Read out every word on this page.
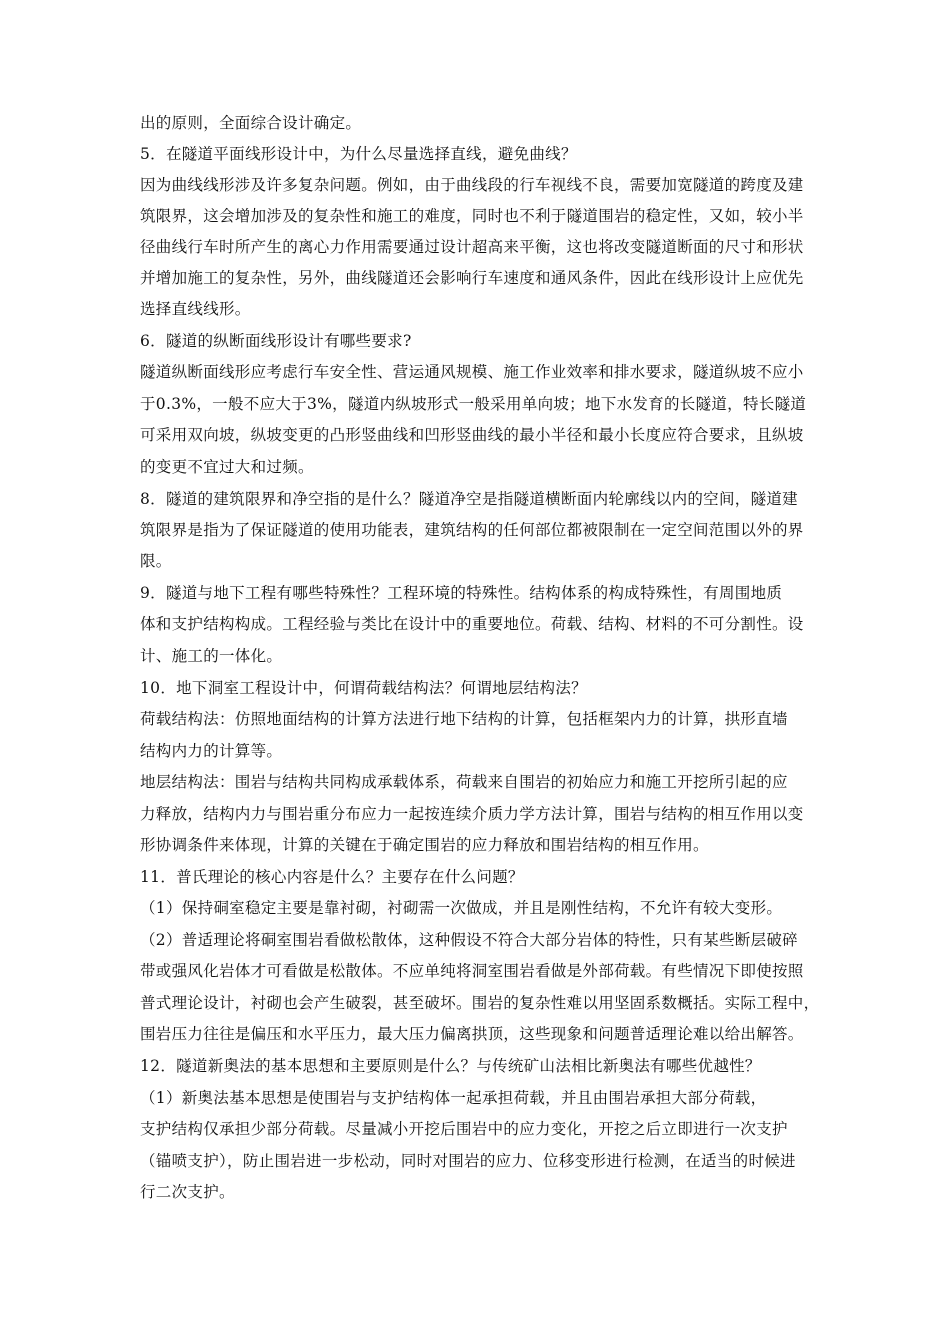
出的原则，全面综合设计确定。
5．在隧道平面线形设计中，为什么尽量选择直线，避免曲线？
因为曲线线形涉及许多复杂问题。例如，由于曲线段的行车视线不良，需要加宽隧道的跨度及建
筑限界，这会增加涉及的复杂性和施工的难度，同时也不利于隧道围岩的稳定性，又如，较小半
径曲线行车时所产生的离心力作用需要通过设计超高来平衡，这也将改变隧道断面的尺寸和形状
并增加施工的复杂性，另外，曲线隧道还会影响行车速度和通风条件，因此在线形设计上应优先
选择直线线形。
6．隧道的纵断面线形设计有哪些要求?
隧道纵断面线形应考虑行车安全性、营运通风规模、施工作业效率和排水要求，隧道纵坡不应小
于0.3%，一般不应大于3%，隧道内纵坡形式一般采用单向坡；地下水发育的长隧道，特长隧道
可采用双向坡，纵坡变更的凸形竖曲线和凹形竖曲线的最小半径和最小长度应符合要求，且纵坡
的变更不宜过大和过频。
8．隧道的建筑限界和净空指的是什么？隧道净空是指隧道横断面内轮廓线以内的空间，隧道建
筑限界是指为了保证隧道的使用功能表，建筑结构的任何部位都被限制在一定空间范围以外的界
限。
9．隧道与地下工程有哪些特殊性？工程环境的特殊性。结构体系的构成特殊性，有周围地质
体和支护结构构成。工程经验与类比在设计中的重要地位。荷载、结构、材料的不可分割性。设
计、施工的一体化。
10．地下洞室工程设计中，何谓荷载结构法？何谓地层结构法？
荷载结构法：仿照地面结构的计算方法进行地下结构的计算，包括框架内力的计算，拱形直墙
结构内力的计算等。
地层结构法：围岩与结构共同构成承载体系，荷载来自围岩的初始应力和施工开挖所引起的应
力释放，结构内力与围岩重分布应力一起按连续介质力学方法计算，围岩与结构的相互作用以变
形协调条件来体现，计算的关键在于确定围岩的应力释放和围岩结构的相互作用。
11．普氏理论的核心内容是什么？主要存在什么问题？
（1）保持硐室稳定主要是靠衬砌，衬砌需一次做成，并且是刚性结构，不允许有较大变形。
（2）普适理论将硐室围岩看做松散体，这种假设不符合大部分岩体的特性，只有某些断层破碎
带或强风化岩体才可看做是松散体。不应单纯将洞室围岩看做是外部荷载。有些情况下即使按照
普式理论设计，衬砌也会产生破裂，甚至破坏。围岩的复杂性难以用坚固系数概括。实际工程中，
围岩压力往往是偏压和水平压力，最大压力偏离拱顶，这些现象和问题普适理论难以给出解答。
12．隧道新奥法的基本思想和主要原则是什么？与传统矿山法相比新奥法有哪些优越性？
（1）新奥法基本思想是使围岩与支护结构体一起承担荷载，并且由围岩承担大部分荷载，
支护结构仅承担少部分荷载。尽量减小开挖后围岩中的应力变化，开挖之后立即进行一次支护
（锚喷支护），防止围岩进一步松动，同时对围岩的应力、位移变形进行检测，在适当的时候进
行二次支护。
